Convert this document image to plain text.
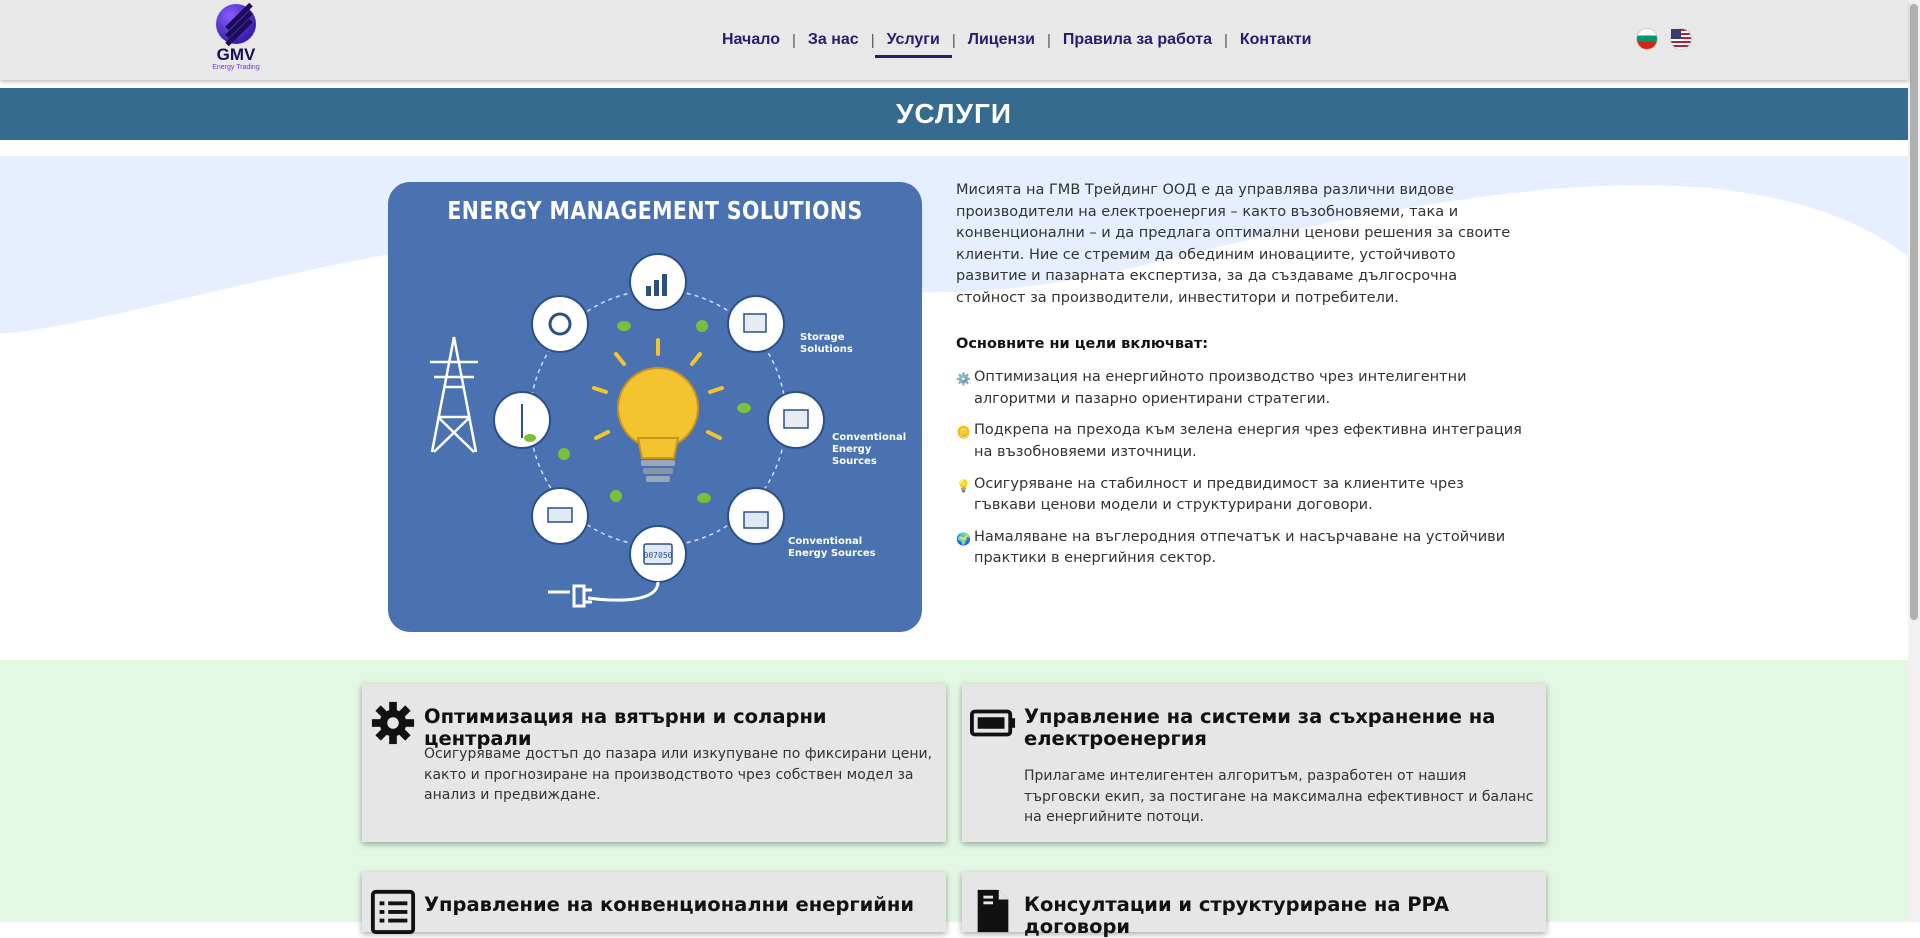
GMV
Energy Trading
Начало | За нас | Услуги | Лицензи | Правила за работа | Контакти
УСЛУГИ
ENERGY MANAGEMENT SOLUTIONS
007050
Storage
Solutions
Conventional
Energy
Sources
Conventional
Energy Sources

Мисията на ГМВ Трейдинг ООД е да управлява различни видове производители на електроенергия – както възобновяеми, така и конвенционални – и да предлага оптимални ценови решения за своите клиенти. Ние се стремим да обединим иновациите, устойчивото развитие и пазарната експертиза, за да създаваме дългосрочна стойност за производители, инвеститори и потребители.

Основните ни цели включват:
⚙️ Оптимизация на енергийното производство чрез интелигентни алгоритми и пазарно ориентирани стратегии.
🪙 Подкрепа на прехода към зелена енергия чрез ефективна интеграция на възобновяеми източници.
💡 Осигуряване на стабилност и предвидимост за клиентите чрез гъвкави ценови модели и структурирани договори.
🌍 Намаляване на въглеродния отпечатък и насърчаване на устойчиви практики в енергийния сектор.
Оптимизация на вятърни и соларни централи
Осигуряваме достъп до пазара или изкупуване по фиксирани цени, както и прогнозиране на производството чрез собствен модел за анализ и предвиждане.
Управление на системи за съхранение на електроенергия
Прилагаме интелигентен алгоритъм, разработен от нашия търговски екип, за постигане на максимална ефективност и баланс на енергийните потоци.
Управление на конвенционални енергийни	Консултации и структуриране на PPA договори
